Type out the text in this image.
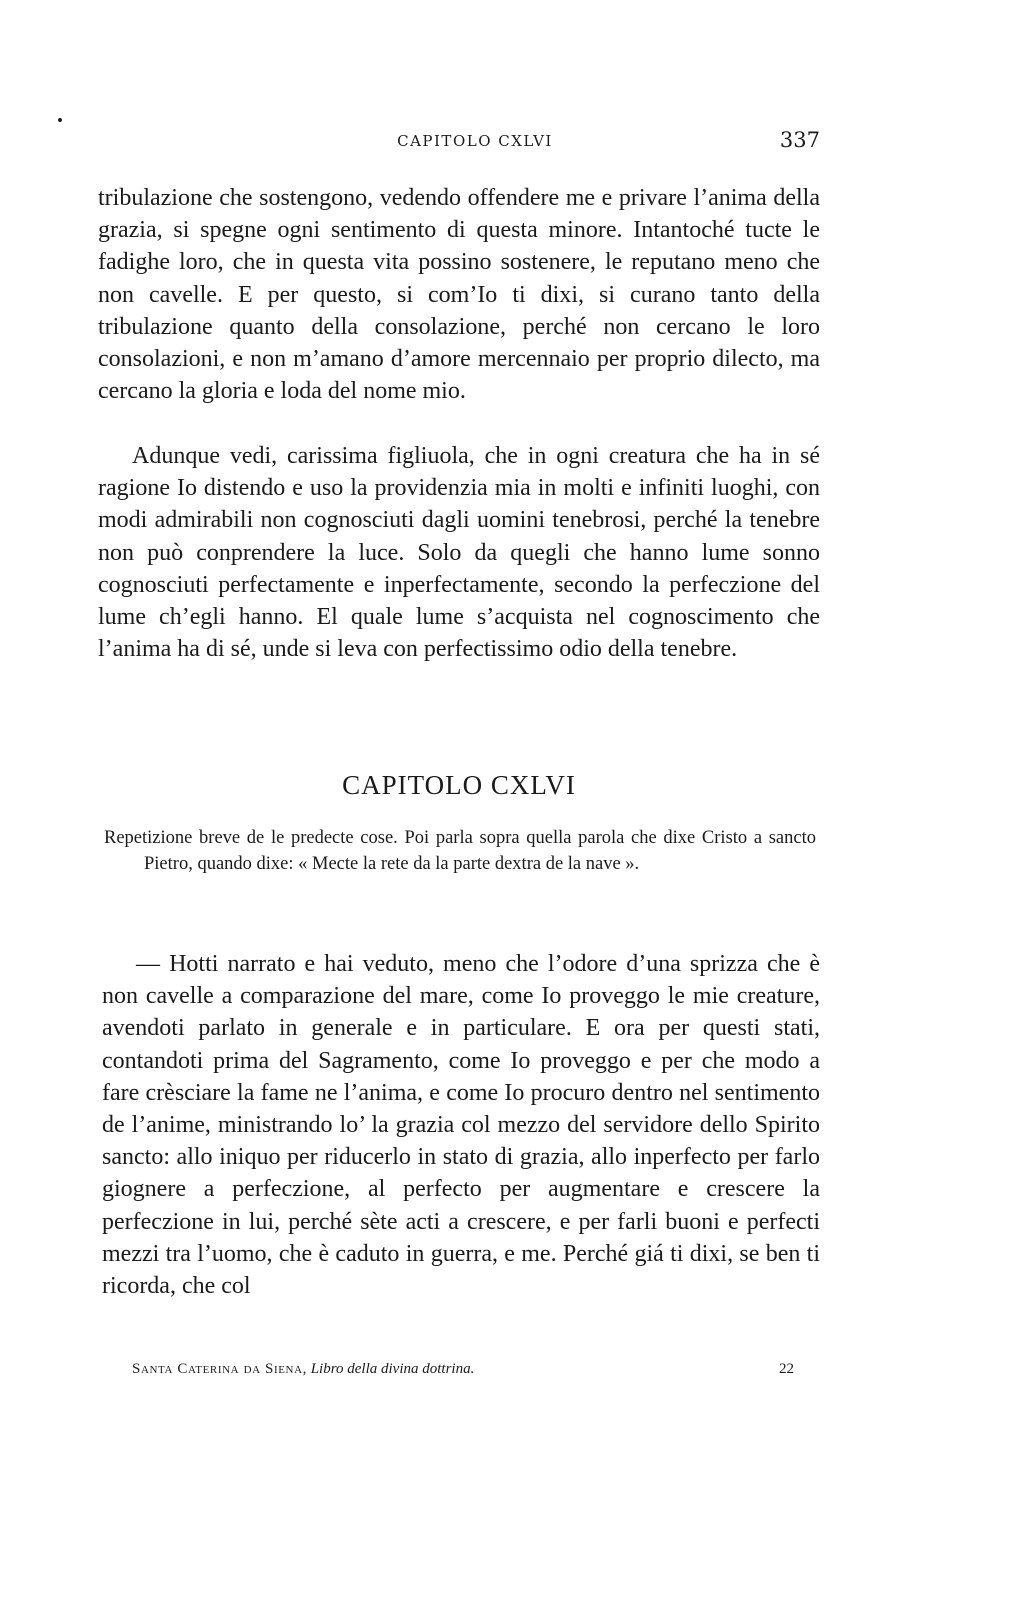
CAPITOLO CXLVI	337

tribulazione che sostengono, vedendo offendere me e privare l’anima della grazia, si spegne ogni sentimento di questa minore. Intantoché tucte le fadighe loro, che in questa vita possino sostenere, le reputano meno che non cavelle. E per questo, si com’Io ti dixi, si curano tanto della tribulazione quanto della consolazione, perché non cercano le loro consolazioni, e non m’amano d’amore mercennaio per proprio dilecto, ma cercano la gloria e loda del nome mio.

Adunque vedi, carissima figliuola, che in ogni creatura che ha in sé ragione Io distendo e uso la providenzia mia in molti e infiniti luoghi, con modi admirabili non cognosciuti dagli uomini tenebrosi, perché la tenebre non può conprendere la luce. Solo da quegli che hanno lume sonno cognosciuti perfectamente e inperfectamente, secondo la perfeczione del lume ch’egli hanno. El quale lume s’acquista nel cognoscimento che l’anima ha di sé, unde si leva con perfectissimo odio della tenebre.

CAPITOLO CXLVI
Repetizione breve de le predecte cose. Poi parla sopra quella parola che dixe Cristo a sancto Pietro, quando dixe: « Mecte la rete da la parte dextra de la nave ».

— Hotti narrato e hai veduto, meno che l’odore d’una sprizza che è non cavelle a comparazione del mare, come Io proveggo le mie creature, avendoti parlato in generale e in particulare. E ora per questi stati, contandoti prima del Sagramento, come Io proveggo e per che modo a fare crèsciare la fame ne l’anima, e come Io procuro dentro nel sentimento de l’anime, ministrando lo’ la grazia col mezzo del servidore dello Spirito sancto: allo iniquo per riducerlo in stato di grazia, allo inperfecto per farlo giognere a perfeczione, al perfecto per augmentare e crescere la perfeczione in lui, perché sète acti a crescere, e per farli buoni e perfecti mezzi tra l’uomo, che è caduto in guerra, e me. Perché giá ti dixi, se ben ti ricorda, che col

Santa Caterina da Siena, Libro della divina dottrina.	22
